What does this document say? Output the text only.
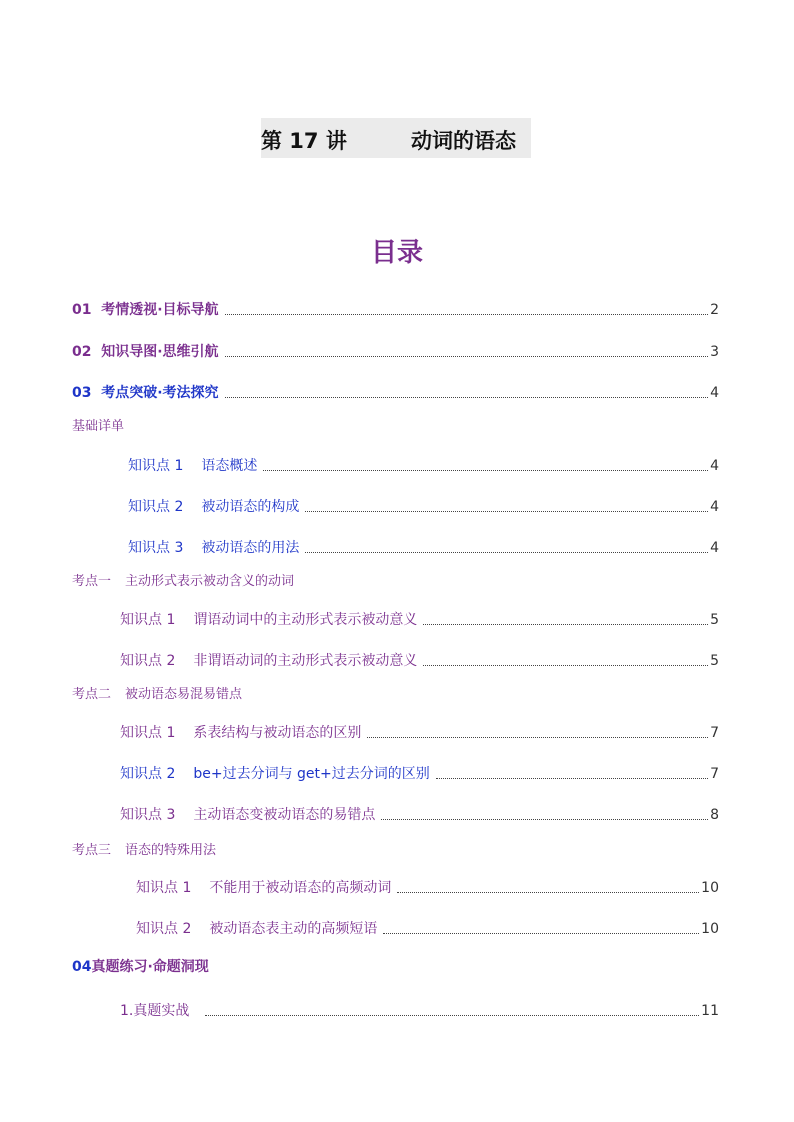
第 17 讲	动词的语态
目录
01 考情透视·目标导航	2
02 知识导图·思维引航	3
03 考点突破·考法探究	4
基础详单
知识点 1 语态概述	4
知识点 2 被动语态的构成	4
知识点 3 被动语态的用法	4
考点一 主动形式表示被动含义的动词
知识点 1 谓语动词中的主动形式表示被动意义	5
知识点 2 非谓语动词的主动形式表示被动意义	5
考点二 被动语态易混易错点
知识点 1 系表结构与被动语态的区别	7
知识点 2 be+过去分词与 get+过去分词的区别	7
知识点 3 主动语态变被动语态的易错点	8
考点三 语态的特殊用法
知识点 1 不能用于被动语态的高频动词	10
知识点 2 被动语态表主动的高频短语	10
04真题练习·命题洞现
1.真题实战	11
